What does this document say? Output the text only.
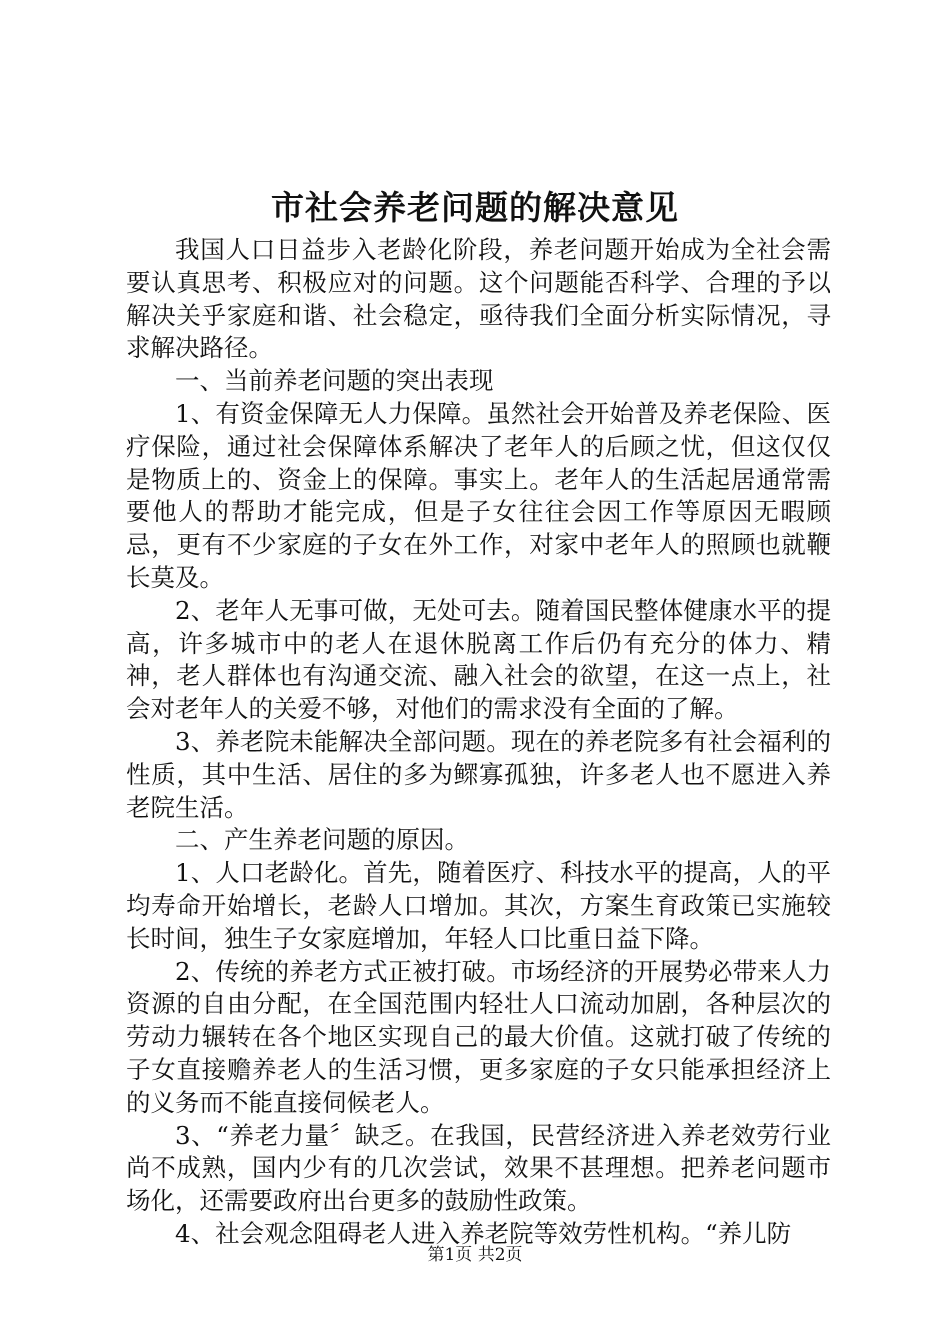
市社会养老问题的解决意见

我国人口日益步入老龄化阶段，养老问题开始成为全社会需要认真思考、积极应对的问题。这个问题能否科学、合理的予以解决关乎家庭和谐、社会稳定，亟待我们全面分析实际情况，寻求解决路径。

一、当前养老问题的突出表现

1、有资金保障无人力保障。虽然社会开始普及养老保险、医疗保险，通过社会保障体系解决了老年人的后顾之忧，但这仅仅是物质上的、资金上的保障。事实上。老年人的生活起居通常需要他人的帮助才能完成，但是子女往往会因工作等原因无暇顾忌，更有不少家庭的子女在外工作，对家中老年人的照顾也就鞭长莫及。

2、老年人无事可做，无处可去。随着国民整体健康水平的提高，许多城市中的老人在退休脱离工作后仍有充分的体力、精神，老人群体也有沟通交流、融入社会的欲望，在这一点上，社会对老年人的关爱不够，对他们的需求没有全面的了解。

3、养老院未能解决全部问题。现在的养老院多有社会福利的性质，其中生活、居住的多为鳏寡孤独，许多老人也不愿进入养老院生活。

二、产生养老问题的原因。

1、人口老龄化。首先，随着医疗、科技水平的提高，人的平均寿命开始增长，老龄人口增加。其次，方案生育政策已实施较长时间，独生子女家庭增加，年轻人口比重日益下降。

2、传统的养老方式正被打破。市场经济的开展势必带来人力资源的自由分配，在全国范围内轻壮人口流动加剧，各种层次的劳动力辗转在各个地区实现自己的最大价值。这就打破了传统的子女直接赡养老人的生活习惯，更多家庭的子女只能承担经济上的义务而不能直接伺候老人。

3、“养老力量〞缺乏。在我国，民营经济进入养老效劳行业尚不成熟，国内少有的几次尝试，效果不甚理想。把养老问题市场化，还需要政府出台更多的鼓励性政策。

4、社会观念阻碍老人进入养老院等效劳性机构。“养儿防

第1页 共2页
